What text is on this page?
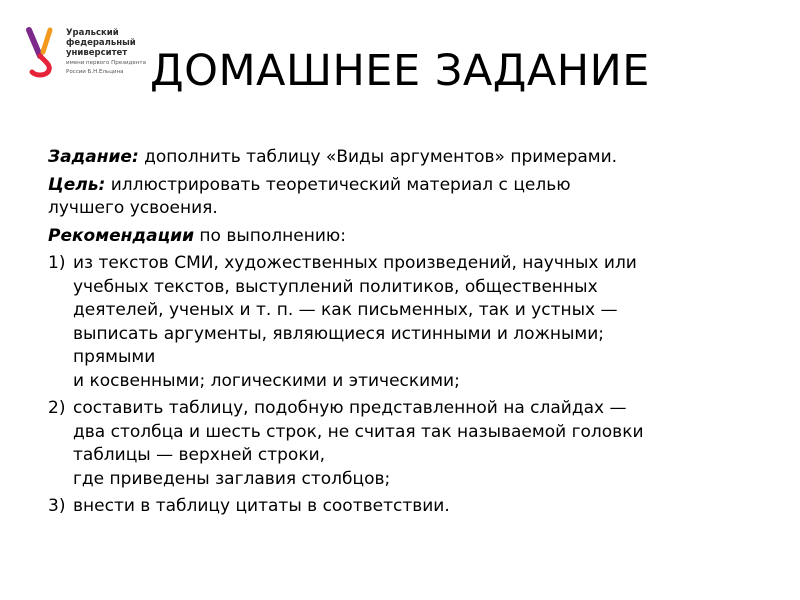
Уральский
федеральный
университет
имени первого Президента
России Б.Н.Ельцина ДОМАШНЕЕ ЗАДАНИЕ

Задание: дополнить таблицу «Виды аргументов» примерами.

Цель: иллюстрировать теоретический материал с целью
лучшего усвоения.

Рекомендации по выполнению:

1) из текстов СМИ, художественных произведений, научных или
учебных текстов, выступлений политиков, общественных
деятелей, ученых и т. п. — как письменных, так и устных —
выписать аргументы, являющиеся истинными и ложными;
прямыми
и косвенными; логическими и этическими;
2) составить таблицу, подобную представленной на слайдах —
два столбца и шесть строк, не считая так называемой головки
таблицы — верхней строки,
где приведены заглавия столбцов;
3) внести в таблицу цитаты в соответствии.
